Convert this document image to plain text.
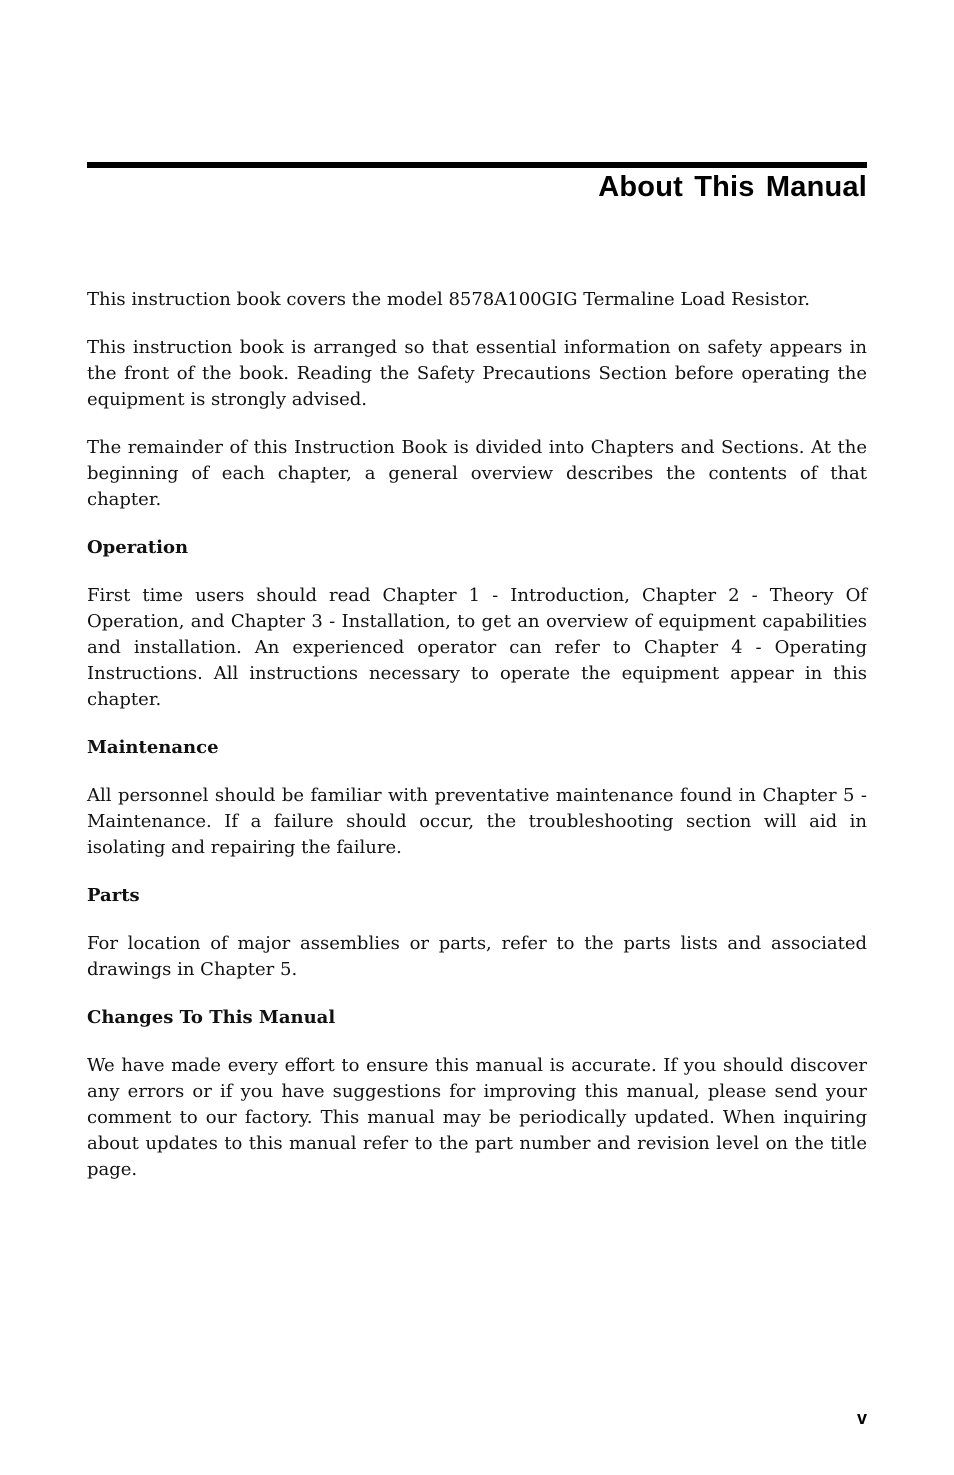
About This Manual

This instruction book covers the model 8578A100GIG Termaline Load Resistor.

This instruction book is arranged so that essential information on safety appears in the front of the book. Reading the Safety Precautions Section before operating the equipment is strongly advised.

The remainder of this Instruction Book is divided into Chapters and Sections. At the beginning of each chapter, a general overview describes the contents of that chapter.

Operation

First time users should read Chapter 1 - Introduction, Chapter 2 - Theory Of Operation, and Chapter 3 - Installation, to get an overview of equipment capabilities and installation. An experienced operator can refer to Chapter 4 - Operating Instructions. All instructions necessary to operate the equipment appear in this chapter.

Maintenance

All personnel should be familiar with preventative maintenance found in Chapter 5 - Maintenance. If a failure should occur, the troubleshooting section will aid in isolating and repairing the failure.

Parts

For location of major assemblies or parts, refer to the parts lists and associated drawings in Chapter 5.

Changes To This Manual

We have made every effort to ensure this manual is accurate. If you should discover any errors or if you have suggestions for improving this manual, please send your comment to our factory. This manual may be periodically updated. When inquiring about updates to this manual refer to the part number and revision level on the title page.

v
